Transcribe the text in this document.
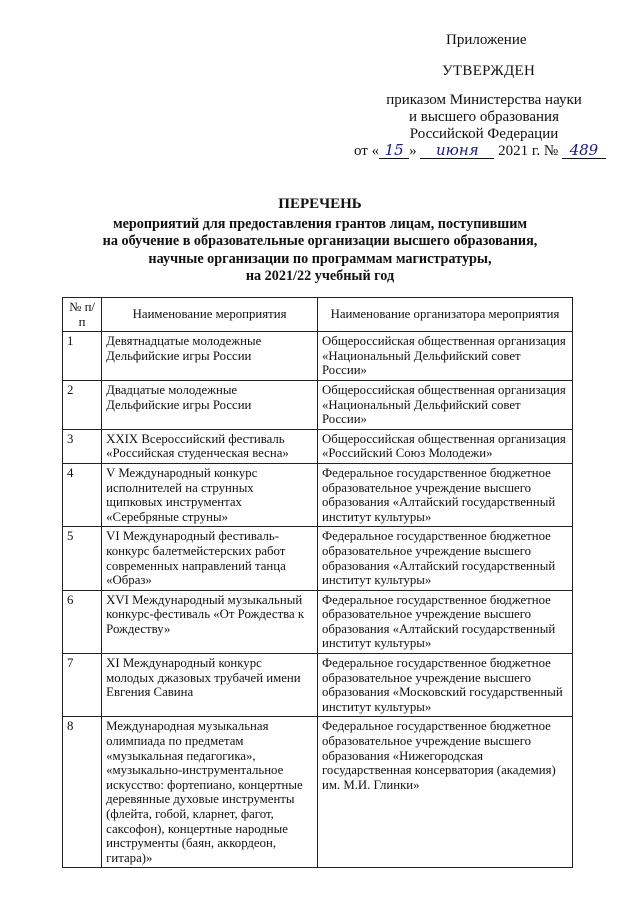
Приложение
УТВЕРЖДЕН
приказом Министерства науки
и высшего образования
Российской Федерации
от « 15 » июня 2021 г. № 489
ПЕРЕЧЕНЬ
мероприятий для предоставления грантов лицам, поступившим
на обучение в образовательные организации высшего образования,
научные организации по программам магистратуры,
на 2021/22 учебный год
№ п/п	Наименование мероприятия	Наименование организатора мероприятия
1	Девятнадцатые молодежные Дельфийские игры России	Общероссийская общественная организация «Национальный Дельфийский совет России»
2	Двадцатые молодежные Дельфийские игры России	Общероссийская общественная организация «Национальный Дельфийский совет России»
3	XXIX Всероссийский фестиваль «Российская студенческая весна»	Общероссийская общественная организация «Российский Союз Молодежи»
4	V Международный конкурс исполнителей на струнных щипковых инструментах «Серебряные струны»	Федеральное государственное бюджетное образовательное учреждение высшего образования «Алтайский государственный институт культуры»
5	VI Международный фестиваль-конкурс балетмейстерских работ современных направлений танца «Образ»	Федеральное государственное бюджетное образовательное учреждение высшего образования «Алтайский государственный институт культуры»
6	XVI Международный музыкальный конкурс-фестиваль «От Рождества к Рождеству»	Федеральное государственное бюджетное образовательное учреждение высшего образования «Алтайский государственный институт культуры»
7	XI Международный конкурс молодых джазовых трубачей имени Евгения Савина	Федеральное государственное бюджетное образовательное учреждение высшего образования «Московский государственный институт культуры»
8	Международная музыкальная олимпиада по предметам «музыкальная педагогика», «музыкально-инструментальное искусство: фортепиано, концертные деревянные духовые инструменты (флейта, гобой, кларнет, фагот, саксофон), концертные народные инструменты (баян, аккордеон, гитара)»	Федеральное государственное бюджетное образовательное учреждение высшего образования «Нижегородская государственная консерватория (академия) им. М.И. Глинки»
